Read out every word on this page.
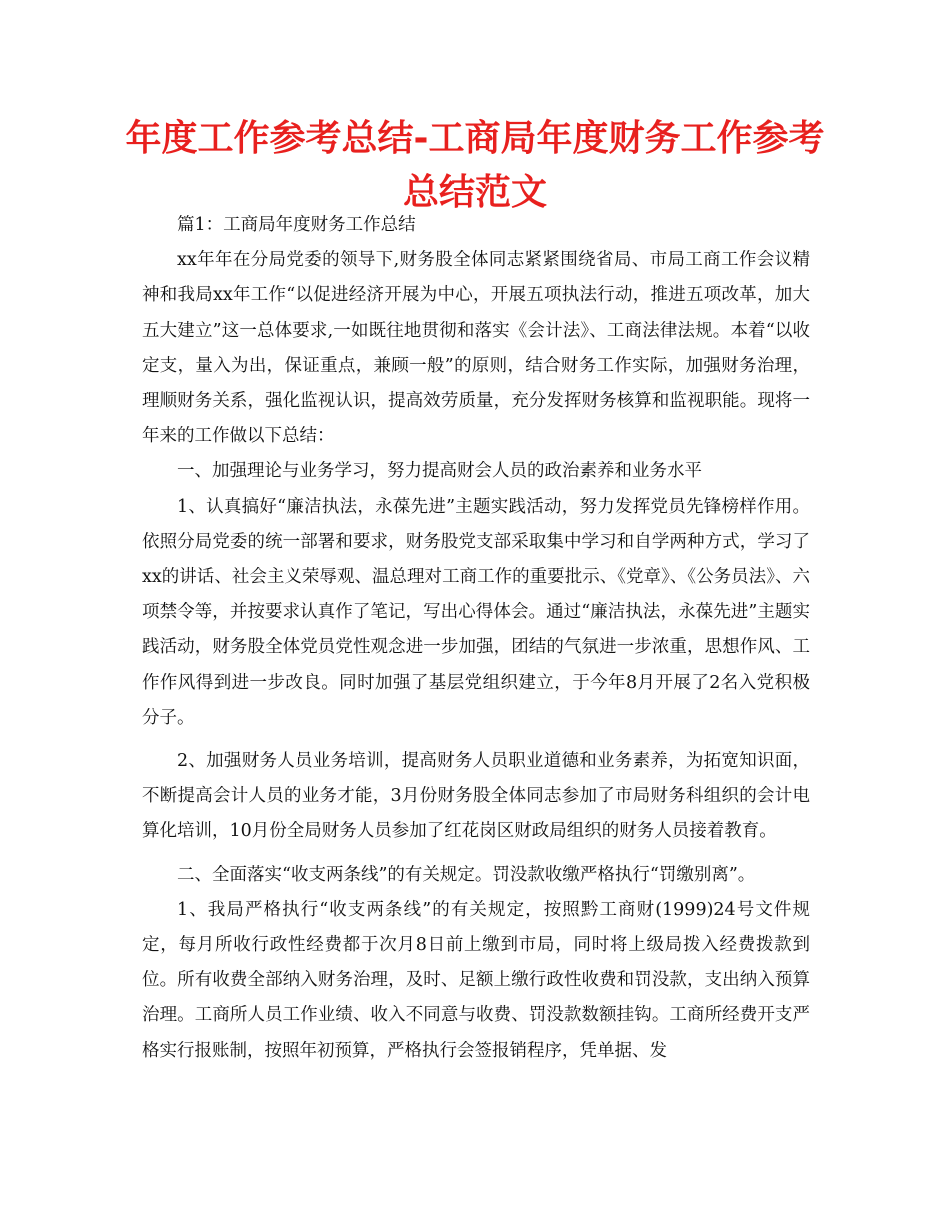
年度工作参考总结-工商局年度财务工作参考总结范文

篇1：工商局年度财务工作总结

xx年年在分局党委的领导下,财务股全体同志紧紧围绕省局、市局工商工作会议精神和我局xx年工作“以促进经济开展为中心，开展五项执法行动，推进五项改革，加大五大建立”这一总体要求,一如既往地贯彻和落实《会计法》、工商法律法规。本着“以收定支，量入为出，保证重点，兼顾一般”的原则，结合财务工作实际，加强财务治理，理顺财务关系，强化监视认识，提高效劳质量，充分发挥财务核算和监视职能。现将一年来的工作做以下总结：

一、加强理论与业务学习，努力提高财会人员的政治素养和业务水平

1、认真搞好“廉洁执法，永葆先进”主题实践活动，努力发挥党员先锋榜样作用。依照分局党委的统一部署和要求，财务股党支部采取集中学习和自学两种方式，学习了xx的讲话、社会主义荣辱观、温总理对工商工作的重要批示、《党章》、《公务员法》、六项禁令等，并按要求认真作了笔记，写出心得体会。通过“廉洁执法，永葆先进”主题实践活动，财务股全体党员党性观念进一步加强，团结的气氛进一步浓重，思想作风、工作作风得到进一步改良。同时加强了基层党组织建立，于今年8月开展了2名入党积极分子。

2、加强财务人员业务培训，提高财务人员职业道德和业务素养，为拓宽知识面，不断提高会计人员的业务才能，3月份财务股全体同志参加了市局财务科组织的会计电算化培训，10月份全局财务人员参加了红花岗区财政局组织的财务人员接着教育。

二、全面落实“收支两条线”的有关规定。罚没款收缴严格执行“罚缴别离”。

1、我局严格执行“收支两条线”的有关规定，按照黔工商财(1999)24号文件规定，每月所收行政性经费都于次月8日前上缴到市局，同时将上级局拨入经费拨款到位。所有收费全部纳入财务治理，及时、足额上缴行政性收费和罚没款，支出纳入预算治理。工商所人员工作业绩、收入不同意与收费、罚没款数额挂钩。工商所经费开支严格实行报账制，按照年初预算，严格执行会签报销程序，凭单据、发
